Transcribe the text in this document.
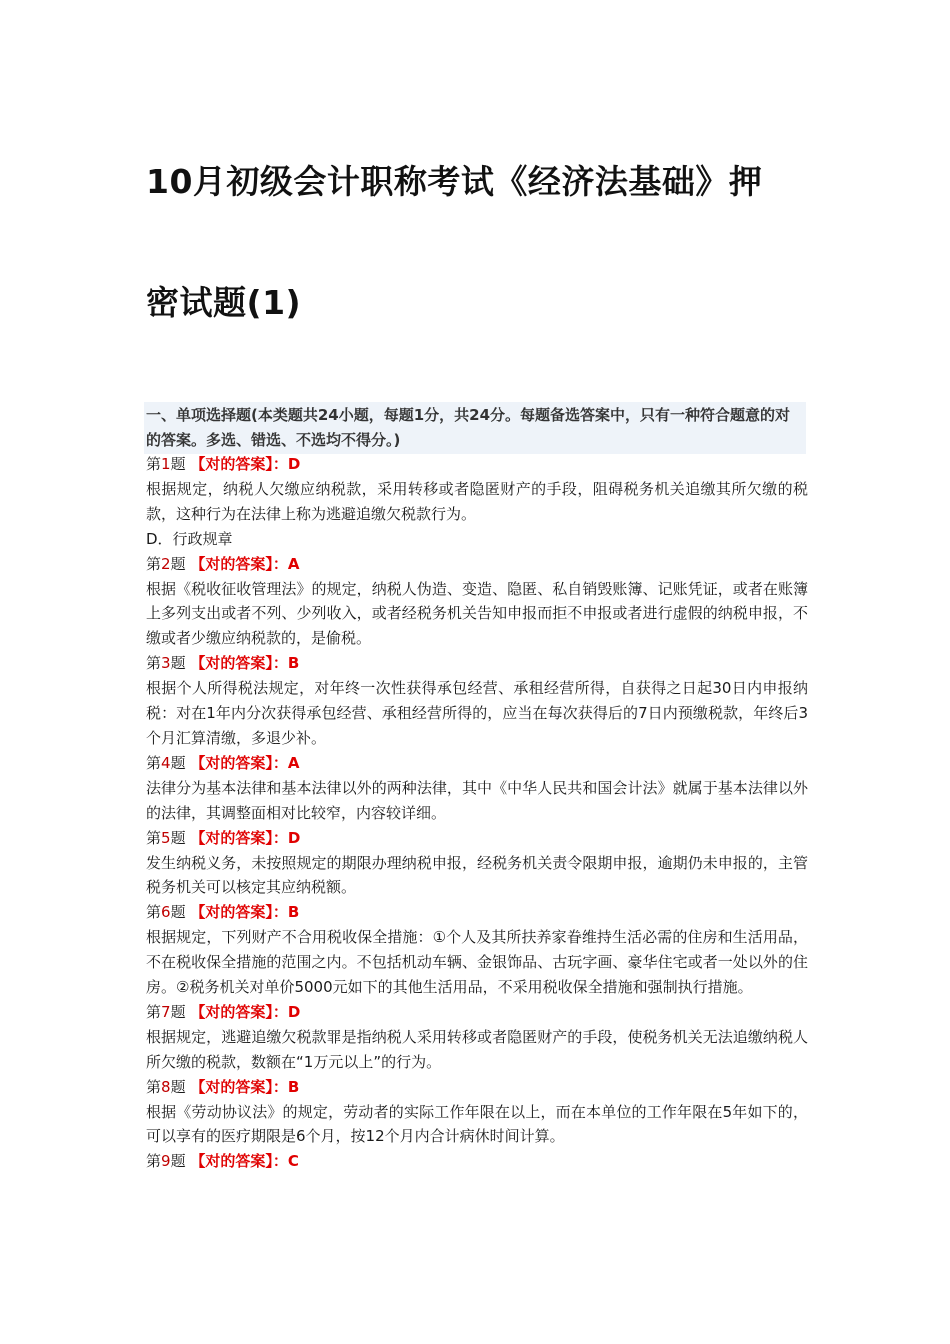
10月初级会计职称考试《经济法基础》押
密试题(1)
一、单项选择题(本类题共24小题，每题1分，共24分。每题备选答案中，只有一种符合题意的对的答案。多选、错选、不选均不得分。)
第1题 【对的答案】：D
根据规定，纳税人欠缴应纳税款，采用转移或者隐匿财产的手段，阻碍税务机关追缴其所欠缴的税款，这种行为在法律上称为逃避追缴欠税款行为。
D．行政规章
第2题 【对的答案】：A
根据《税收征收管理法》的规定，纳税人伪造、变造、隐匿、私自销毁账簿、记账凭证，或者在账簿上多列支出或者不列、少列收入，或者经税务机关告知申报而拒不申报或者进行虚假的纳税申报，不缴或者少缴应纳税款的，是偷税。
第3题 【对的答案】：B
根据个人所得税法规定，对年终一次性获得承包经营、承租经营所得，自获得之日起30日内申报纳税：对在1年内分次获得承包经营、承租经营所得的，应当在每次获得后的7日内预缴税款，年终后3个月汇算清缴，多退少补。
第4题 【对的答案】：A
法律分为基本法律和基本法律以外的两种法律，其中《中华人民共和国会计法》就属于基本法律以外的法律，其调整面相对比较窄，内容较详细。
第5题 【对的答案】：D
发生纳税义务，未按照规定的期限办理纳税申报，经税务机关责令限期申报，逾期仍未申报的，主管税务机关可以核定其应纳税额。
第6题 【对的答案】：B
根据规定，下列财产不合用税收保全措施：①个人及其所扶养家眷维持生活必需的住房和生活用品，不在税收保全措施的范围之内。不包括机动车辆、金银饰品、古玩字画、豪华住宅或者一处以外的住房。②税务机关对单价5000元如下的其他生活用品，不采用税收保全措施和强制执行措施。
第7题 【对的答案】：D
根据规定，逃避追缴欠税款罪是指纳税人采用转移或者隐匿财产的手段，使税务机关无法追缴纳税人所欠缴的税款，数额在“1万元以上”的行为。
第8题 【对的答案】：B
根据《劳动协议法》的规定，劳动者的实际工作年限在以上，而在本单位的工作年限在5年如下的，可以享有的医疗期限是6个月，按12个月内合计病休时间计算。
第9题 【对的答案】：C
